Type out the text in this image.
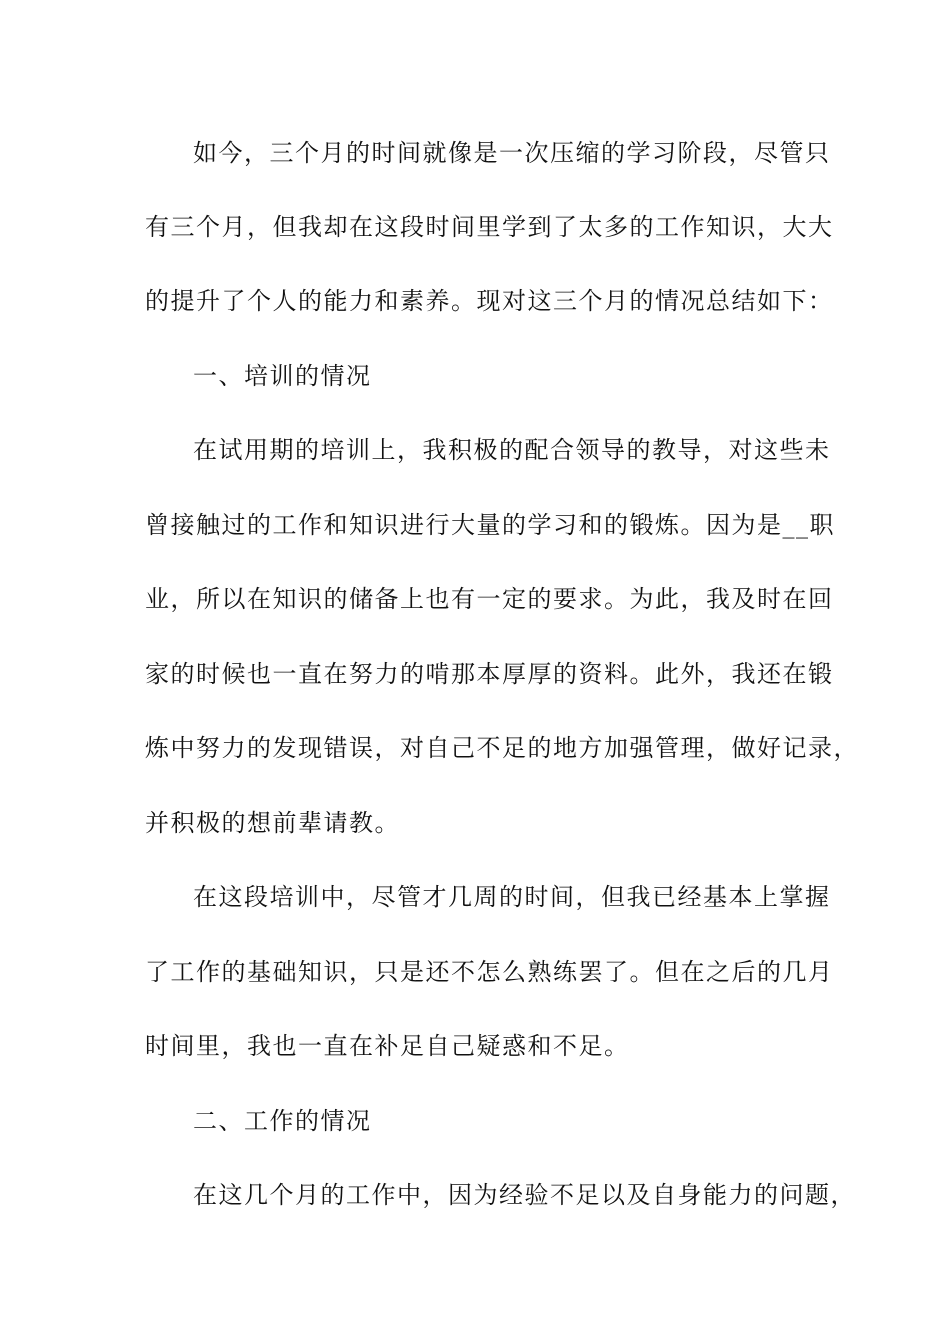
如今，三个月的时间就像是一次压缩的学习阶段，尽管只
有三个月，但我却在这段时间里学到了太多的工作知识，大大
的提升了个人的能力和素养。现对这三个月的情况总结如下：
一、培训的情况
在试用期的培训上，我积极的配合领导的教导，对这些未
曾接触过的工作和知识进行大量的学习和的锻炼。因为是__职
业，所以在知识的储备上也有一定的要求。为此，我及时在回
家的时候也一直在努力的啃那本厚厚的资料。此外，我还在锻
炼中努力的发现错误，对自己不足的地方加强管理，做好记录，
并积极的想前辈请教。
在这段培训中，尽管才几周的时间，但我已经基本上掌握
了工作的基础知识，只是还不怎么熟练罢了。但在之后的几月
时间里，我也一直在补足自己疑惑和不足。
二、工作的情况
在这几个月的工作中，因为经验不足以及自身能力的问题，
